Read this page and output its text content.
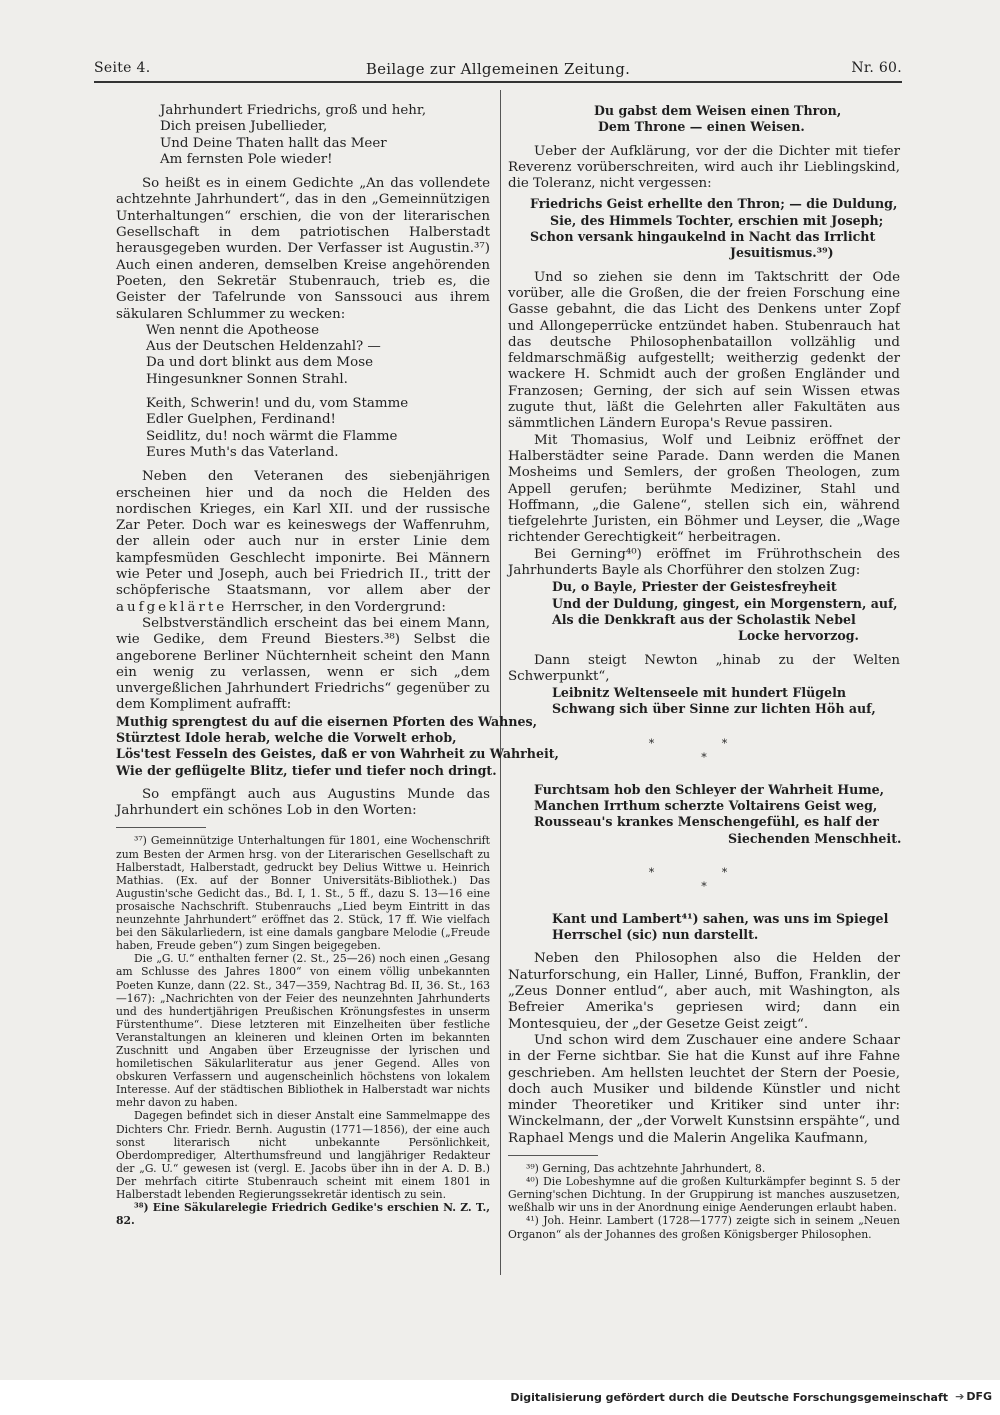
Beilage zur Allgemeinen Zeitung.
Seite 4.	Nr. 60.
Jahrhundert Friedrichs, groß und hehr,
Dich preisen Jubellieder,
Und Deine Thaten hallt das Meer
Am fernsten Pole wieder!

So heißt es in einem Gedichte „An das vollendete achtzehnte Jahrhundert“, das in den „Gemeinnützigen Unterhaltungen“ erschien, die von der literarischen Gesellschaft in dem patriotischen Halberstadt herausgegeben wurden. Der Verfasser ist Augustin.³⁷) Auch einen anderen, demselben Kreise angehörenden Poeten, den Sekretär Stubenrauch, trieb es, die Geister der Tafelrunde von Sanssouci aus ihrem säkularen Schlummer zu wecken:

Wen nennt die Apotheose
Aus der Deutschen Heldenzahl? —
Da und dort blinkt aus dem Mose
Hingesunkner Sonnen Strahl.
Keith, Schwerin! und du, vom Stamme
Edler Guelphen, Ferdinand!
Seidlitz, du! noch wärmt die Flamme
Eures Muth's das Vaterland.

Neben den Veteranen des siebenjährigen erscheinen hier und da noch die Helden des nordischen Krieges, ein Karl XII. und der russische Zar Peter. Doch war es keineswegs der Waffenruhm, der allein oder auch nur in erster Linie dem kampfesmüden Geschlecht imponirte. Bei Männern wie Peter und Joseph, auch bei Friedrich II., tritt der schöpferische Staatsmann, vor allem aber der aufgeklärte Herrscher, in den Vordergrund:

Selbstverständlich erscheint das bei einem Mann, wie Gedike, dem Freund Biesters.³⁸) Selbst die angeborene Berliner Nüchternheit scheint den Mann ein wenig zu verlassen, wenn er sich „dem unvergeßlichen Jahrhundert Friedrichs“ gegenüber zu dem Kompliment aufrafft:

Muthig sprengtest du auf die eisernen Pforten des Wahnes,
Stürztest Idole herab, welche die Vorwelt erhob,
Lös'test Fesseln des Geistes, daß er von Wahrheit zu Wahrheit,
Wie der geflügelte Blitz, tiefer und tiefer noch dringt.

So empfängt auch aus Augustins Munde das Jahrhundert ein schönes Lob in den Worten:

³⁷) Gemeinnützige Unterhaltungen für 1801, eine Wochenschrift zum Besten der Armen hrsg. von der Literarischen Gesellschaft zu Halberstadt, Halberstadt, gedruckt bey Delius Wittwe u. Heinrich Mathias. (Ex. auf der Bonner Universitäts-Bibliothek.) Das Augustin'sche Gedicht das., Bd. I, 1. St., 5 ff., dazu S. 13—16 eine prosaische Nachschrift. Stubenrauchs „Lied beym Eintritt in das neunzehnte Jahrhundert“ eröffnet das 2. Stück, 17 ff. Wie vielfach bei den Säkularliedern, ist eine damals gangbare Melodie („Freude haben, Freude geben“) zum Singen beigegeben.

Die „G. U.“ enthalten ferner (2. St., 25—26) noch einen „Gesang am Schlusse des Jahres 1800“ von einem völlig unbekannten Poeten Kunze, dann (22. St., 347—359, Nachtrag Bd. II, 36. St., 163—167): „Nachrichten von der Feier des neunzehnten Jahrhunderts und des hundertjährigen Preußischen Krönungsfestes in unserm Fürstenthume“. Diese letzteren mit Einzelheiten über festliche Veranstaltungen an kleineren und kleinen Orten im bekannten Zuschnitt und Angaben über Erzeugnisse der lyrischen und homiletischen Säkularliteratur aus jener Gegend. Alles von obskuren Verfassern und augenscheinlich höchstens von lokalem Interesse. Auf der städtischen Bibliothek in Halberstadt war nichts mehr davon zu haben.

Dagegen befindet sich in dieser Anstalt eine Sammelmappe des Dichters Chr. Friedr. Bernh. Augustin (1771—1856), der eine auch sonst literarisch nicht unbekannte Persönlichkeit, Oberdomprediger, Alterthumsfreund und langjähriger Redakteur der „G. U.“ gewesen ist (vergl. E. Jacobs über ihn in der A. D. B.) Der mehrfach citirte Stubenrauch scheint mit einem 1801 in Halberstadt lebenden Regierungssekretär identisch zu sein.

³⁸) Eine Säkularelegie Friedrich Gedike's erschien N. Z. T., 82.

Du gabst dem Weisen einen Thron,
Dem Throne — einen Weisen.

Ueber der Aufklärung, vor der die Dichter mit tiefer Reverenz vorüberschreiten, wird auch ihr Lieblingskind, die Toleranz, nicht vergessen:

Friedrichs Geist erhellte den Thron; — die Duldung,
Sie, des Himmels Tochter, erschien mit Joseph;
Schon versank hingaukelnd in Nacht das Irrlicht
Jesuitismus.³⁹)

Und so ziehen sie denn im Taktschritt der Ode vorüber, alle die Großen, die der freien Forschung eine Gasse gebahnt, die das Licht des Denkens unter Zopf und Allongeperrücke entzündet haben. Stubenrauch hat das deutsche Philosophenbataillon vollzählig und feldmarschmäßig aufgestellt; weitherzig gedenkt der wackere H. Schmidt auch der großen Engländer und Franzosen; Gerning, der sich auf sein Wissen etwas zugute thut, läßt die Gelehrten aller Fakultäten aus sämmtlichen Ländern Europa's Revue passiren.

Mit Thomasius, Wolf und Leibniz eröffnet der Halberstädter seine Parade. Dann werden die Manen Mosheims und Semlers, der großen Theologen, zum Appell gerufen; berühmte Mediziner, Stahl und Hoffmann, „die Galene“, stellen sich ein, während tiefgelehrte Juristen, ein Böhmer und Leyser, die „Wage richtender Gerechtigkeit“ herbeitragen.

Bei Gerning⁴⁰) eröffnet im Frührothschein des Jahrhunderts Bayle als Chorführer den stolzen Zug:

Du, o Bayle, Priester der Geistesfreyheit
Und der Duldung, gingest, ein Morgenstern, auf,
Als die Denkkraft aus der Scholastik Nebel
Locke hervorzog.

Dann steigt Newton „hinab zu der Welten Schwerpunkt“,

Leibnitz Weltenseele mit hundert Flügeln
Schwang sich über Sinne zur lichten Höh auf,
* *
*
Furchtsam hob den Schleyer der Wahrheit Hume,
Manchen Irrthum scherzte Voltairens Geist weg,
Rousseau's krankes Menschengefühl, es half der
Siechenden Menschheit.
* *
*
Kant und Lambert⁴¹) sahen, was uns im Spiegel
Herrschel (sic) nun darstellt.

Neben den Philosophen also die Helden der Naturforschung, ein Haller, Linné, Buffon, Franklin, der „Zeus Donner entlud“, aber auch, mit Washington, als Befreier Amerika's gepriesen wird; dann ein Montesquieu, der „der Gesetze Geist zeigt“.

Und schon wird dem Zuschauer eine andere Schaar in der Ferne sichtbar. Sie hat die Kunst auf ihre Fahne geschrieben. Am hellsten leuchtet der Stern der Poesie, doch auch Musiker und bildende Künstler und nicht minder Theoretiker und Kritiker sind unter ihr: Winckelmann, der „der Vorwelt Kunstsinn erspähte“, und Raphael Mengs und die Malerin Angelika Kaufmann,

³⁹) Gerning, Das achtzehnte Jahrhundert, 8.

⁴⁰) Die Lobeshymne auf die großen Kulturkämpfer beginnt S. 5 der Gerning'schen Dichtung. In der Gruppirung ist manches auszusetzen, weßhalb wir uns in der Anordnung einige Aenderungen erlaubt haben.

⁴¹) Joh. Heinr. Lambert (1728—1777) zeigte sich in seinem „Neuen Organon“ als der Johannes des großen Königsberger Philosophen.

Digitalisierung gefördert durch die Deutsche Forschungsgemeinschaft ➔ DFG
